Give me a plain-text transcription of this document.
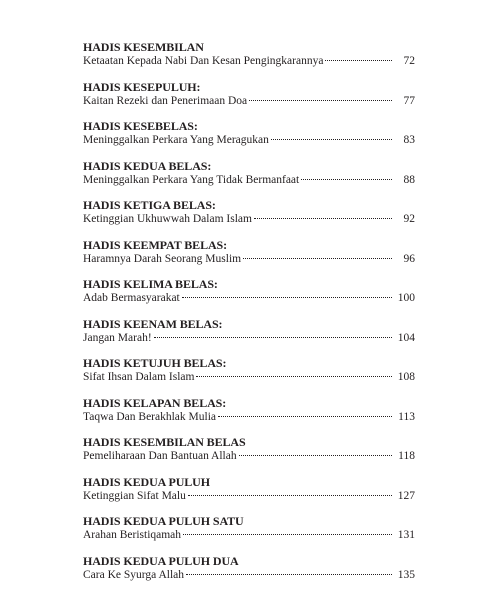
HADIS KESEMBILAN
Ketaatan Kepada Nabi Dan Kesan Pengingkarannya	72
HADIS KESEPULUH:
Kaitan Rezeki dan Penerimaan Doa	77
HADIS KESEBELAS:
Meninggalkan Perkara Yang Meragukan	83
HADIS KEDUA BELAS:
Meninggalkan Perkara Yang Tidak Bermanfaat	88
HADIS KETIGA BELAS:
Ketinggian Ukhuwwah Dalam Islam	92
HADIS KEEMPAT BELAS:
Haramnya Darah Seorang Muslim	96
HADIS KELIMA BELAS:
Adab Bermasyarakat	100
HADIS KEENAM BELAS:
Jangan Marah!	104
HADIS KETUJUH BELAS:
Sifat Ihsan Dalam Islam	108
HADIS KELAPAN BELAS:
Taqwa Dan Berakhlak Mulia	113
HADIS KESEMBILAN BELAS
Pemeliharaan Dan Bantuan Allah	118
HADIS KEDUA PULUH
Ketinggian Sifat Malu	127
HADIS KEDUA PULUH SATU
Arahan Beristiqamah	131
HADIS KEDUA PULUH DUA
Cara Ke Syurga Allah	135
